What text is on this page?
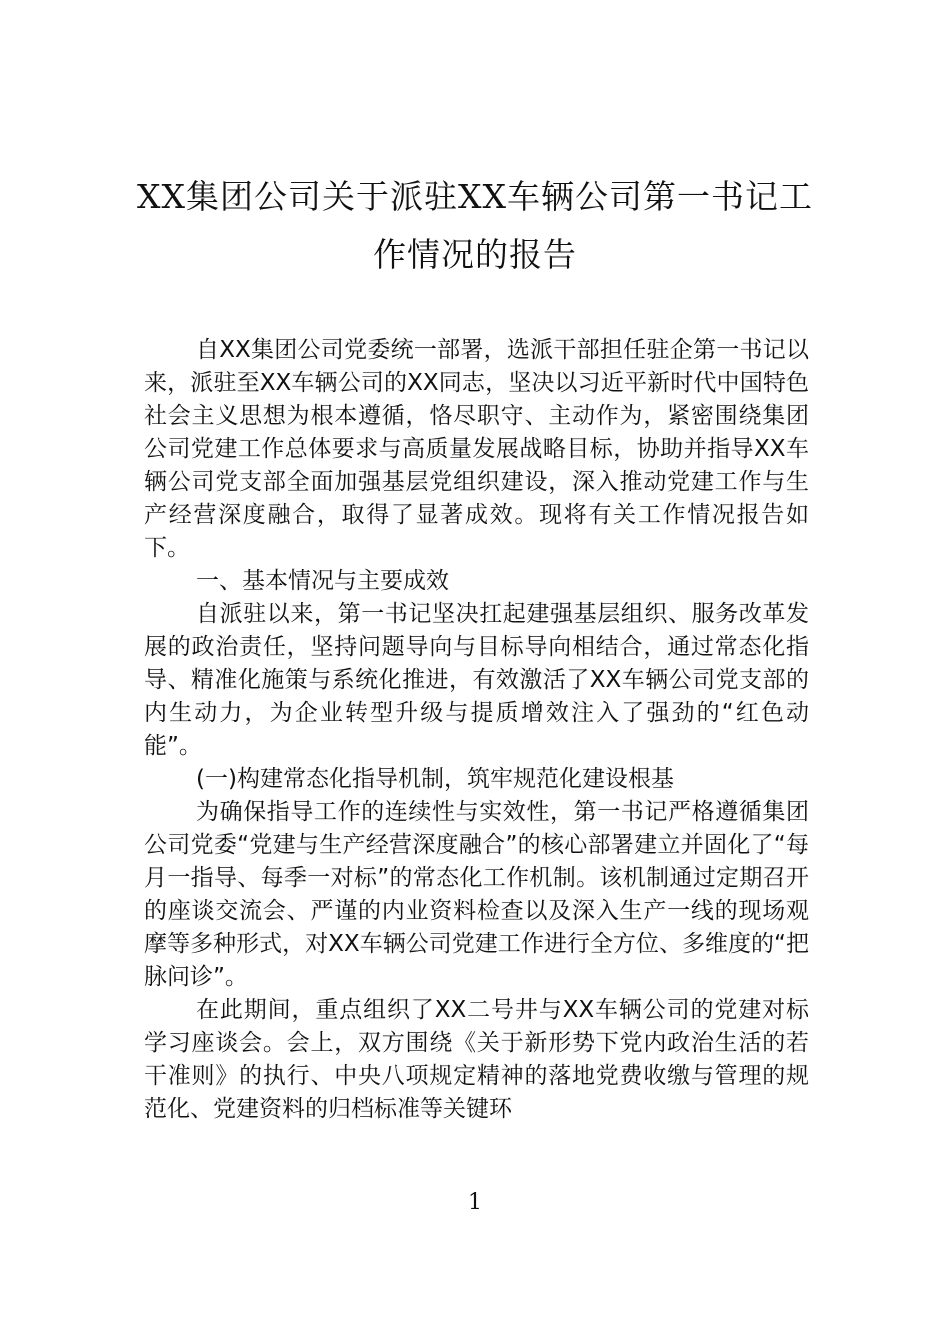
XX集团公司关于派驻XX车辆公司第一书记工作情况的报告

自XX集团公司党委统一部署，选派干部担任驻企第一书记以来，派驻至XX车辆公司的XX同志，坚决以习近平新时代中国特色社会主义思想为根本遵循，恪尽职守、主动作为，紧密围绕集团公司党建工作总体要求与高质量发展战略目标，协助并指导XX车辆公司党支部全面加强基层党组织建设，深入推动党建工作与生产经营深度融合，取得了显著成效。现将有关工作情况报告如下。

一、基本情况与主要成效

自派驻以来，第一书记坚决扛起建强基层组织、服务改革发展的政治责任，坚持问题导向与目标导向相结合，通过常态化指导、精准化施策与系统化推进，有效激活了XX车辆公司党支部的内生动力，为企业转型升级与提质增效注入了强劲的“红色动能”。

(一)构建常态化指导机制，筑牢规范化建设根基

为确保指导工作的连续性与实效性，第一书记严格遵循集团公司党委“党建与生产经营深度融合”的核心部署建立并固化了“每月一指导、每季一对标”的常态化工作机制。该机制通过定期召开的座谈交流会、严谨的内业资料检查以及深入生产一线的现场观摩等多种形式，对XX车辆公司党建工作进行全方位、多维度的“把脉问诊”。

在此期间，重点组织了XX二号井与XX车辆公司的党建对标学习座谈会。会上，双方围绕《关于新形势下党内政治生活的若干准则》的执行、中央八项规定精神的落地党费收缴与管理的规范化、党建资料的归档标准等关键环

1
